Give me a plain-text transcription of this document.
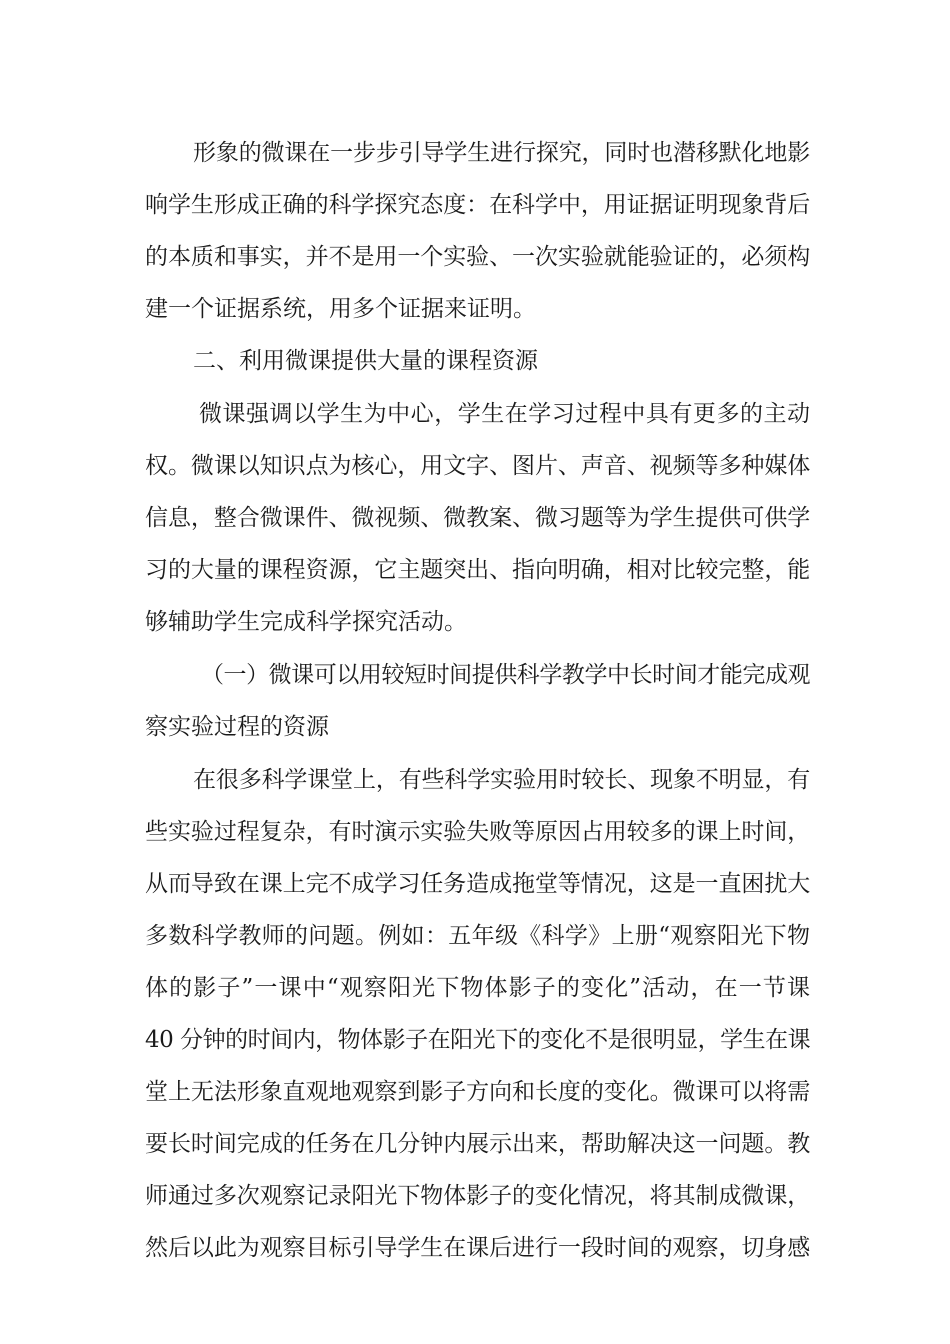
形象的微课在一步步引导学生进行探究，同时也潜移默化地影
响学生形成正确的科学探究态度：在科学中，用证据证明现象背后
的本质和事实，并不是用一个实验、一次实验就能验证的，必须构
建一个证据系统，用多个证据来证明。
二、利用微课提供大量的课程资源
微课强调以学生为中心，学生在学习过程中具有更多的主动
权。微课以知识点为核心，用文字、图片、声音、视频等多种媒体
信息，整合微课件、微视频、微教案、微习题等为学生提供可供学
习的大量的课程资源，它主题突出、指向明确，相对比较完整，能
够辅助学生完成科学探究活动。
（一）微课可以用较短时间提供科学教学中长时间才能完成观
察实验过程的资源
在很多科学课堂上，有些科学实验用时较长、现象不明显，有
些实验过程复杂，有时演示实验失败等原因占用较多的课上时间，
从而导致在课上完不成学习任务造成拖堂等情况，这是一直困扰大
多数科学教师的问题。例如：五年级《科学》上册“观察阳光下物
体的影子”一课中“观察阳光下物体影子的变化”活动，在一节课
40 分钟的时间内，物体影子在阳光下的变化不是很明显，学生在课
堂上无法形象直观地观察到影子方向和长度的变化。微课可以将需
要长时间完成的任务在几分钟内展示出来，帮助解决这一问题。教
师通过多次观察记录阳光下物体影子的变化情况，将其制成微课，
然后以此为观察目标引导学生在课后进行一段时间的观察，切身感
